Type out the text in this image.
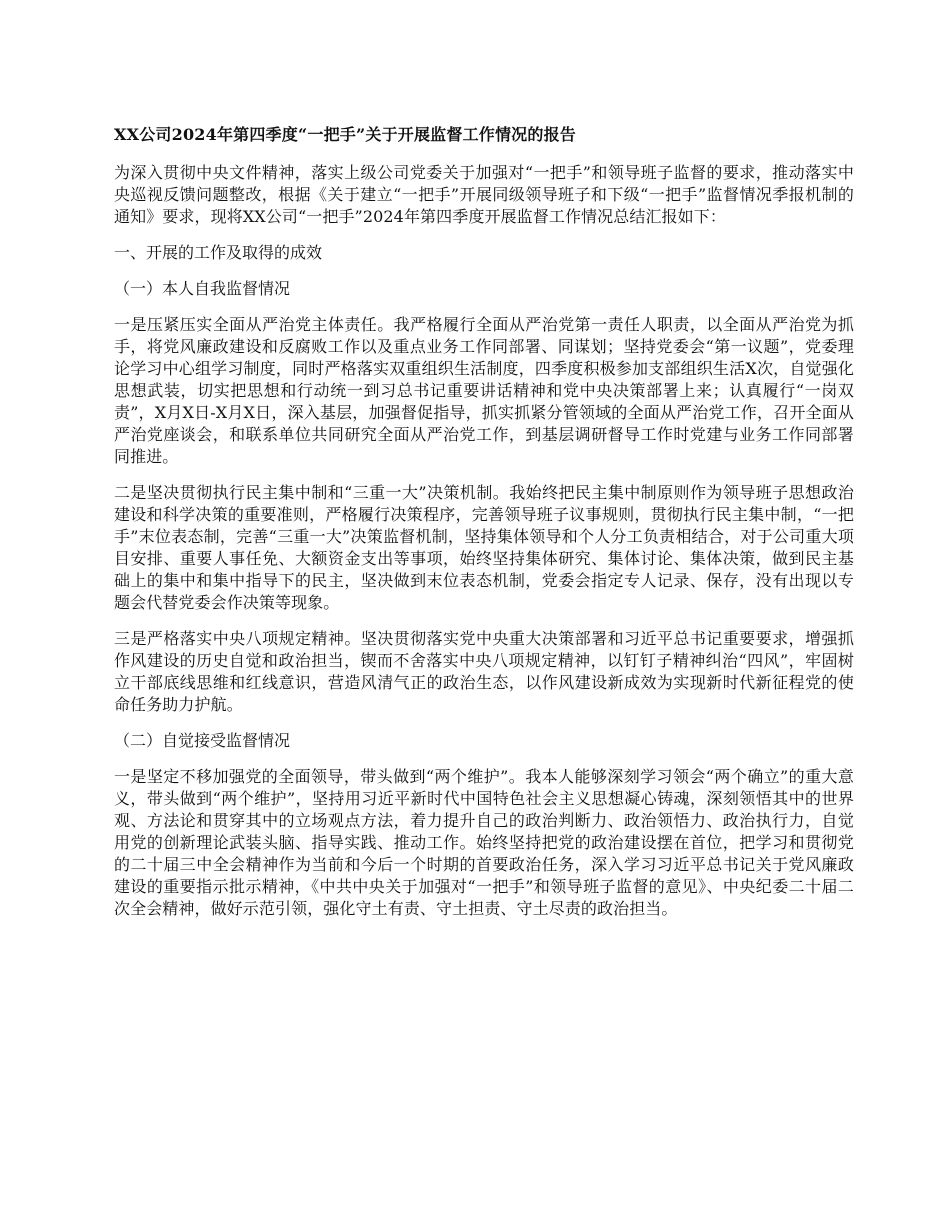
XX公司2024年第四季度“一把手”关于开展监督工作情况的报告

为深入贯彻中央文件精神，落实上级公司党委关于加强对“一把手”和领导班子监督的要求，推动落实中央巡视反馈问题整改，根据《关于建立“一把手”开展同级领导班子和下级“一把手”监督情况季报机制的通知》要求，现将XX公司“一把手”2024年第四季度开展监督工作情况总结汇报如下：

一、开展的工作及取得的成效
（一）本人自我监督情况

一是压紧压实全面从严治党主体责任。我严格履行全面从严治党第一责任人职责，以全面从严治党为抓手，将党风廉政建设和反腐败工作以及重点业务工作同部署、同谋划；坚持党委会“第一议题”，党委理论学习中心组学习制度，同时严格落实双重组织生活制度，四季度积极参加支部组织生活X次，自觉强化思想武装，切实把思想和行动统一到习总书记重要讲话精神和党中央决策部署上来；认真履行“一岗双责”，X月X日-X月X日，深入基层，加强督促指导，抓实抓紧分管领域的全面从严治党工作，召开全面从严治党座谈会，和联系单位共同研究全面从严治党工作，到基层调研督导工作时党建与业务工作同部署同推进。

二是坚决贯彻执行民主集中制和“三重一大”决策机制。我始终把民主集中制原则作为领导班子思想政治建设和科学决策的重要准则，严格履行决策程序，完善领导班子议事规则，贯彻执行民主集中制，“一把手”末位表态制，完善“三重一大”决策监督机制，坚持集体领导和个人分工负责相结合，对于公司重大项目安排、重要人事任免、大额资金支出等事项，始终坚持集体研究、集体讨论、集体决策，做到民主基础上的集中和集中指导下的民主，坚决做到末位表态机制，党委会指定专人记录、保存，没有出现以专题会代替党委会作决策等现象。

三是严格落实中央八项规定精神。坚决贯彻落实党中央重大决策部署和习近平总书记重要要求，增强抓作风建设的历史自觉和政治担当，锲而不舍落实中央八项规定精神，以钉钉子精神纠治“四风”，牢固树立干部底线思维和红线意识，营造风清气正的政治生态，以作风建设新成效为实现新时代新征程党的使命任务助力护航。

（二）自觉接受监督情况

一是坚定不移加强党的全面领导，带头做到“两个维护”。我本人能够深刻学习领会“两个确立”的重大意义，带头做到“两个维护”，坚持用习近平新时代中国特色社会主义思想凝心铸魂，深刻领悟其中的世界观、方法论和贯穿其中的立场观点方法，着力提升自己的政治判断力、政治领悟力、政治执行力，自觉用党的创新理论武装头脑、指导实践、推动工作。始终坚持把党的政治建设摆在首位，把学习和贯彻党的二十届三中全会精神作为当前和今后一个时期的首要政治任务，深入学习习近平总书记关于党风廉政建设的重要指示批示精神，《中共中央关于加强对“一把手”和领导班子监督的意见》、中央纪委二十届二次全会精神，做好示范引领，强化守土有责、守土担责、守土尽责的政治担当。
